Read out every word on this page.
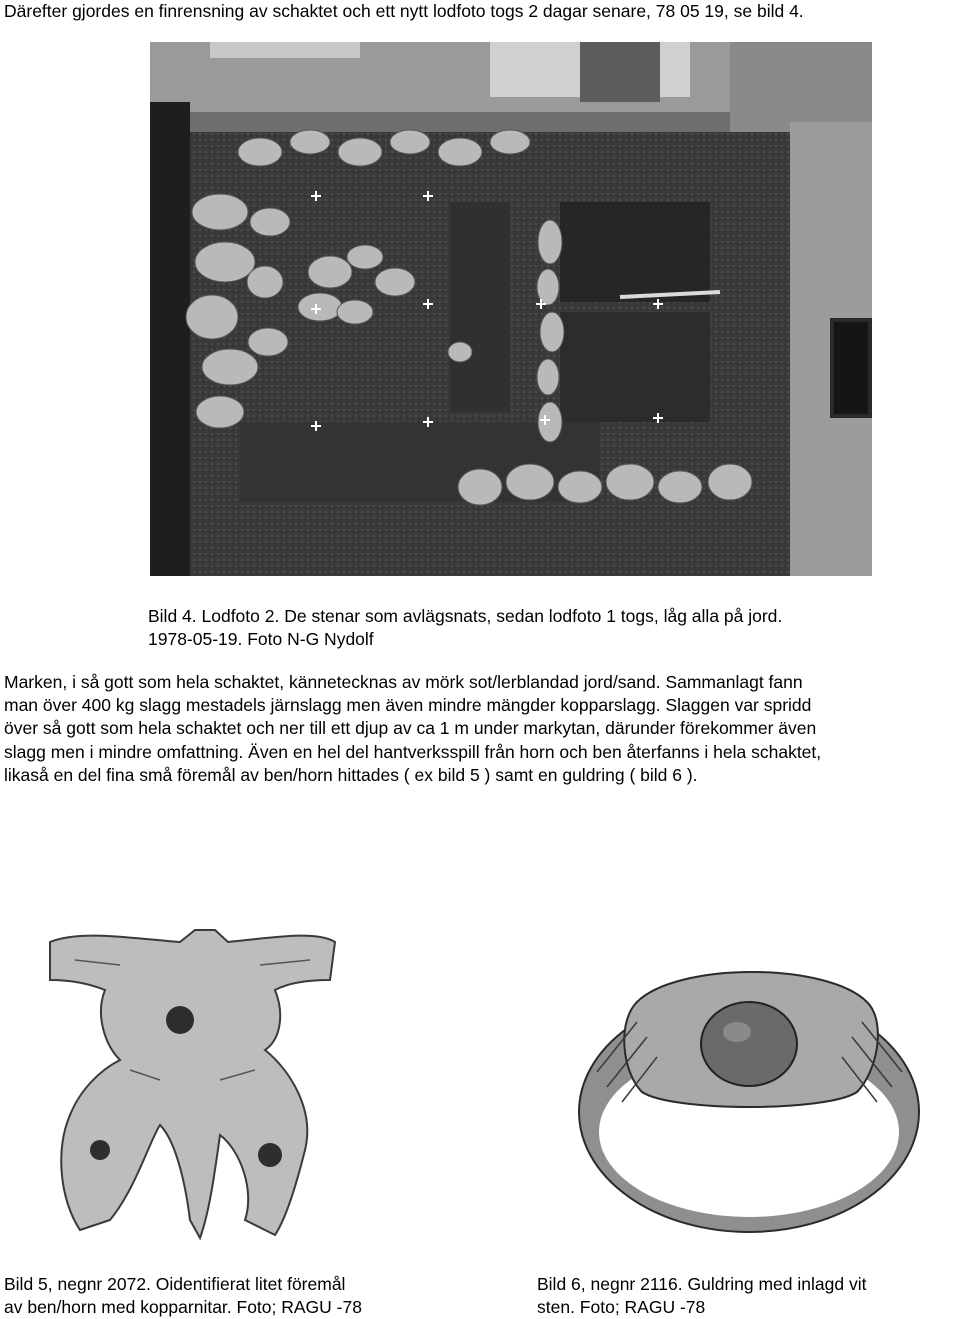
Därefter gjordes en finrensning av schaktet och ett nytt lodfoto togs 2 dagar senare, 78 05 19, se bild 4.
Bild 4. Lodfoto 2. De stenar som avlägsnats, sedan lodfoto 1 togs, låg alla på jord.
1978-05-19. Foto N-G Nydolf
Marken, i så gott som hela schaktet, kännetecknas av mörk sot/lerblandad jord/sand. Sammanlagt fann
man över 400 kg slagg mestadels järnslagg men även mindre mängder kopparslagg. Slaggen var spridd
över så gott som hela schaktet och ner till ett djup av ca 1 m under markytan, därunder förekommer även
slagg men i mindre omfattning. Även en hel del hantverksspill från horn och ben återfanns i hela schaktet,
likaså en del fina små föremål av ben/horn hittades ( ex bild 5 ) samt en guldring ( bild 6 ).
Bild 5, negnr 2072. Oidentifierat litet föremål
av ben/horn med kopparnitar. Foto; RAGU -78
Bild 6, negnr 2116. Guldring med inlagd vit
sten. Foto; RAGU -78
